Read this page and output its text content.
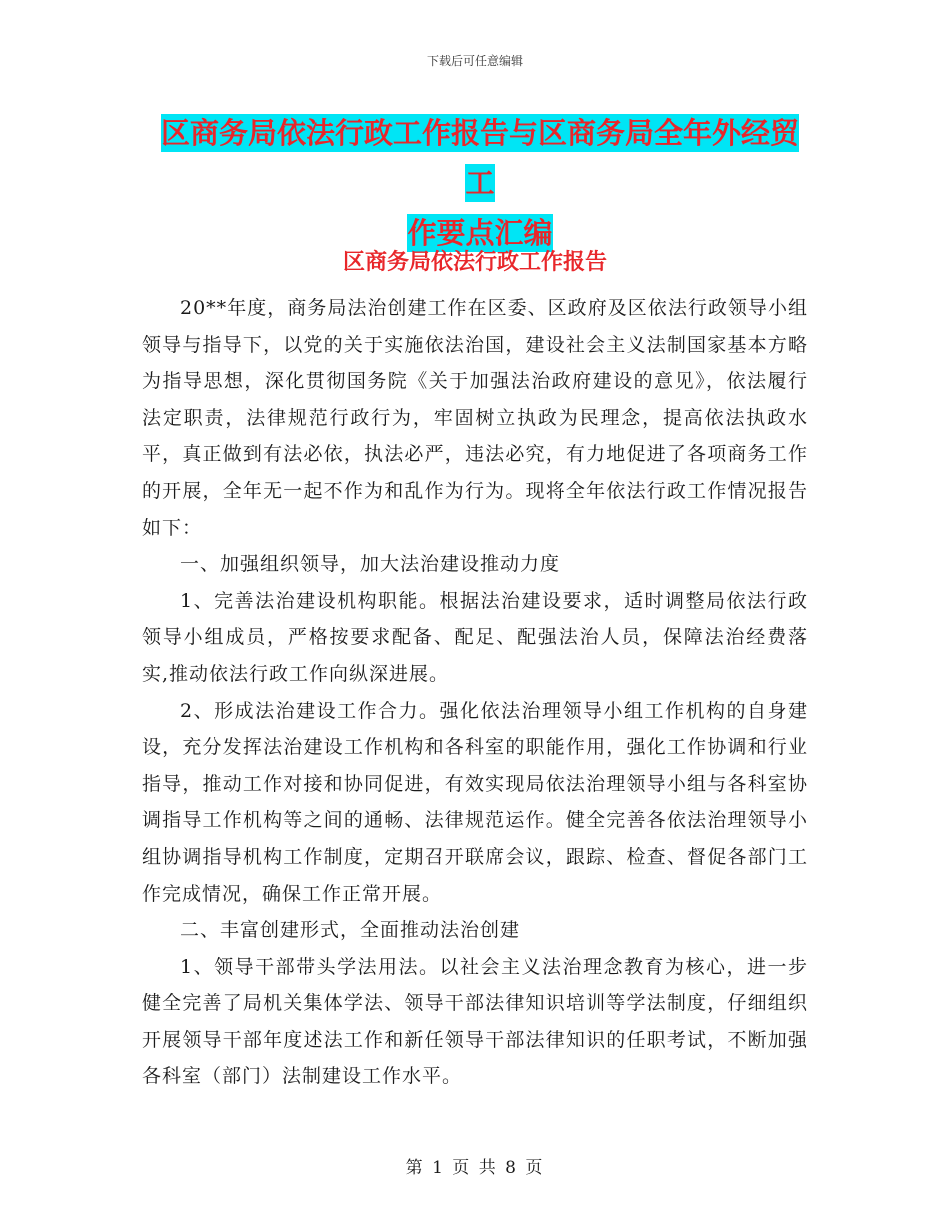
下载后可任意编辑
区商务局依法行政工作报告与区商务局全年外经贸工
作要点汇编
区商务局依法行政工作报告

20**年度，商务局法治创建工作在区委、区政府及区依法行政领导小组领导与指导下，以党的关于实施依法治国，建设社会主义法制国家基本方略为指导思想，深化贯彻国务院《关于加强法治政府建设的意见》，依法履行法定职责，法律规范行政行为，牢固树立执政为民理念，提高依法执政水平，真正做到有法必依，执法必严，违法必究，有力地促进了各项商务工作的开展，全年无一起不作为和乱作为行为。现将全年依法行政工作情况报告如下：

一、加强组织领导，加大法治建设推动力度

1、完善法治建设机构职能。根据法治建设要求，适时调整局依法行政领导小组成员，严格按要求配备、配足、配强法治人员，保障法治经费落实,推动依法行政工作向纵深进展。

2、形成法治建设工作合力。强化依法治理领导小组工作机构的自身建设，充分发挥法治建设工作机构和各科室的职能作用，强化工作协调和行业指导，推动工作对接和协同促进，有效实现局依法治理领导小组与各科室协调指导工作机构等之间的通畅、法律规范运作。健全完善各依法治理领导小组协调指导机构工作制度，定期召开联席会议，跟踪、检查、督促各部门工作完成情况，确保工作正常开展。

二、丰富创建形式，全面推动法治创建

1、领导干部带头学法用法。以社会主义法治理念教育为核心，进一步健全完善了局机关集体学法、领导干部法律知识培训等学法制度，仔细组织开展领导干部年度述法工作和新任领导干部法律知识的任职考试，不断加强各科室（部门）法制建设工作水平。

第 1 页 共 8 页
